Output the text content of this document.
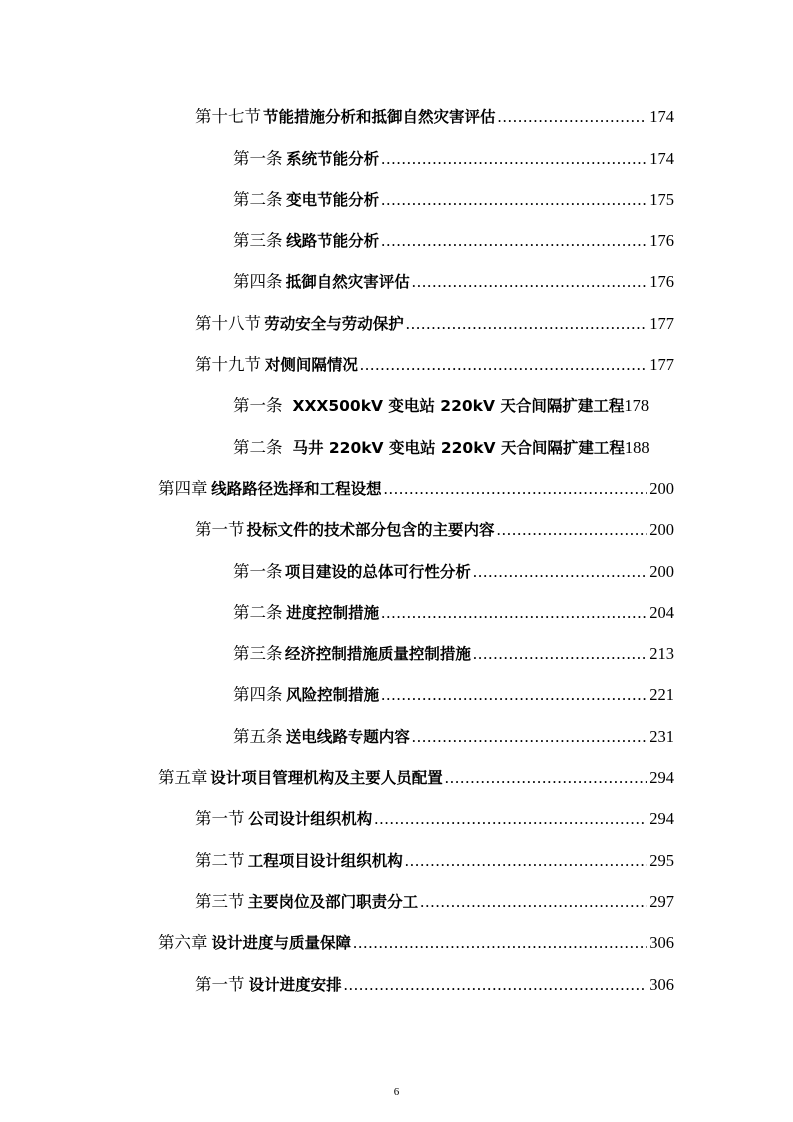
第十七节 节能措施分析和抵御自然灾害评估 .....	174
第一条 系统节能分析 .....	174
第二条 变电节能分析 .....	175
第三条 线路节能分析 .....	176
第四条 抵御自然灾害评估 .....	176
第十八节 劳动安全与劳动保护 .....	177
第十九节 对侧间隔情况 .....	177
第一条 XXX500kV 变电站 220kV 天合间隔扩建工程 178
第二条 马井 220kV 变电站 220kV 天合间隔扩建工程 188
第四章 线路路径选择和工程设想 .....	200
第一节 投标文件的技术部分包含的主要内容 .....	200
第一条 项目建设的总体可行性分析 .....	200
第二条 进度控制措施 .....	204
第三条 经济控制措施质量控制措施 .....	213
第四条 风险控制措施 .....	221
第五条 送电线路专题内容 .....	231
第五章 设计项目管理机构及主要人员配置 .....	294
第一节 公司设计组织机构 .....	294
第二节 工程项目设计组织机构 .....	295
第三节 主要岗位及部门职责分工 .....	297
第六章 设计进度与质量保障 .....	306
第一节 设计进度安排 .....	306
6
